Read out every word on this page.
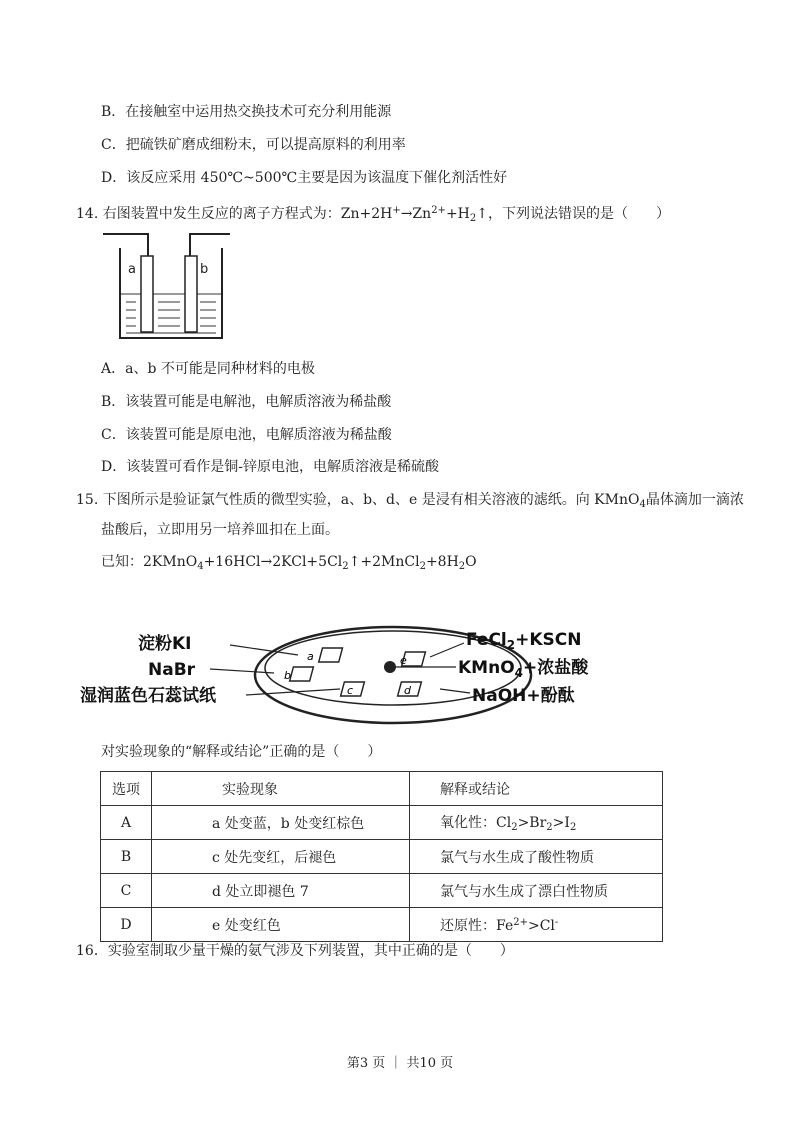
B．在接触室中运用热交换技术可充分利用能源
C．把硫铁矿磨成细粉末，可以提高原料的利用率
D．该反应采用 450℃~500℃主要是因为该温度下催化剂活性好
14. 右图装置中发生反应的离子方程式为：$Zn+2H^+\to Zn^{2+}+H_2↑$，下列说法错误的是（　　）
a	b
A．a、b 不可能是同种材料的电极
B．该装置可能是电解池，电解质溶液为稀盐酸
C．该装置可能是原电池，电解质溶液为稀盐酸
D．该装置可看作是铜-锌原电池，电解质溶液是稀硫酸
15. 下图所示是验证氯气性质的微型实验，a、b、d、e 是浸有相关溶液的滤纸。向 KMnO$_4$晶体滴加一滴浓
盐酸后，立即用另一培养皿扣在上面。
已知：$2KMnO_4+16HCl\to 2KCl+5Cl_2↑+2MnCl_2+8H_2O$
a
b
c	d
e
淀粉KI
NaBr
湿润蓝色石蕊试纸
FeCl$_2$+KSCN
KMnO$_4$+浓盐酸
NaOH+酚酞
对实验现象的“解释或结论”正确的是（　　）
选项	实验现象	解释或结论
A	a 处变蓝，b 处变红棕色	氧化性：$Cl_2>Br_2>I_2$
B	c 处先变红，后褪色	氯气与水生成了酸性物质
C	d 处立即褪色 7	氯气与水生成了漂白性物质
D	e 处变红色	还原性：$Fe^{2+}>Cl^-$
16．实验室制取少量干燥的氨气涉及下列装置，其中正确的是（　　）
第3 页 ｜ 共10 页
